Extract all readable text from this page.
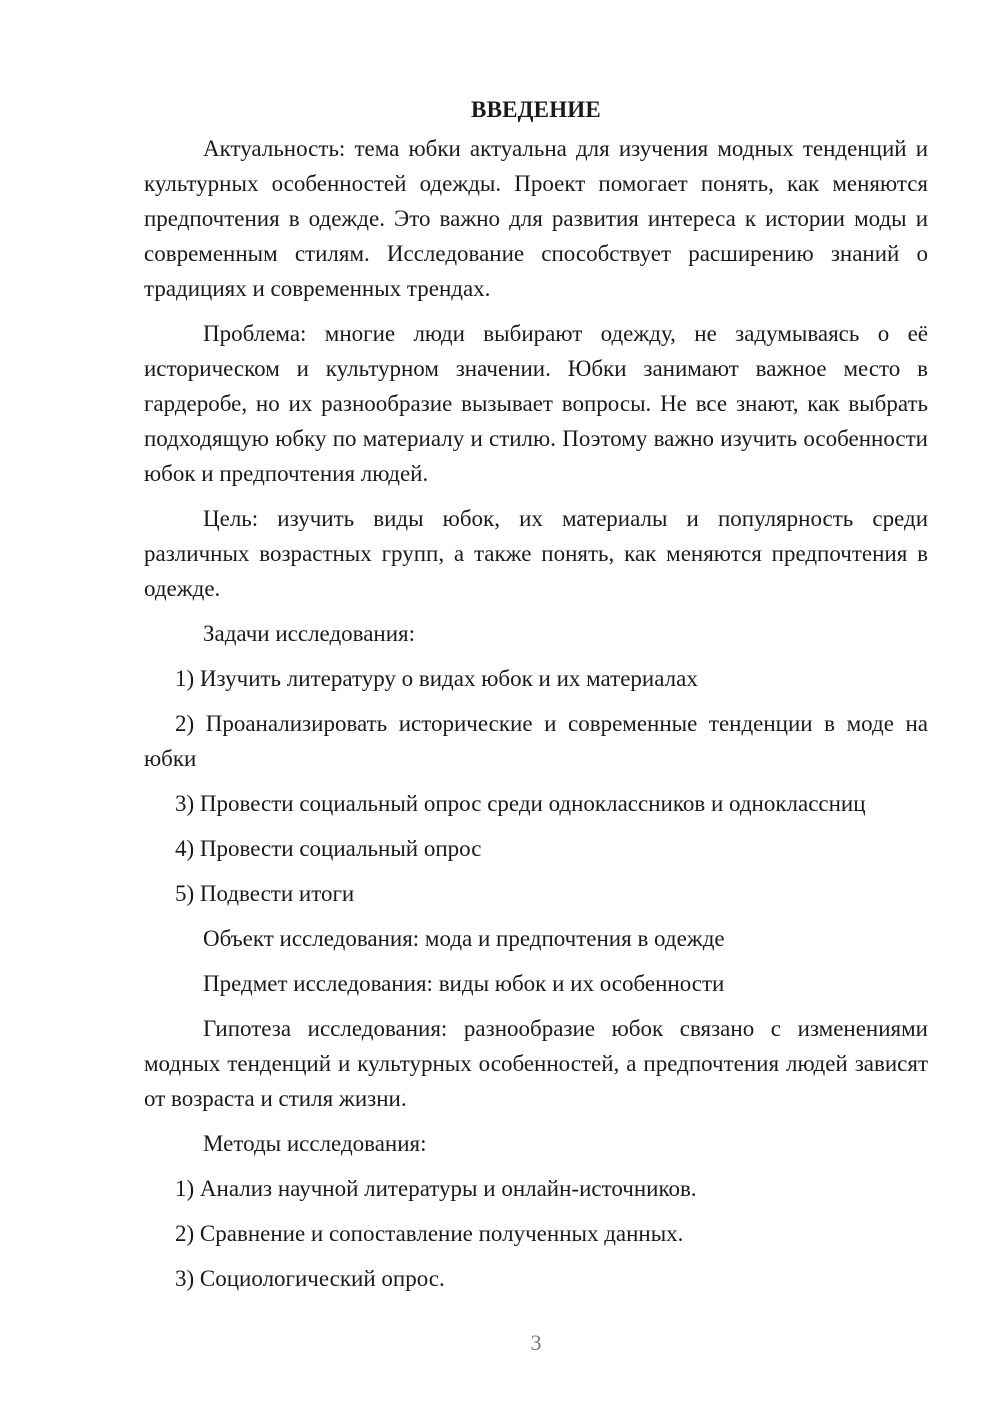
ВВЕДЕНИЕ

Актуальность: тема юбки актуальна для изучения модных тенденций и культурных особенностей одежды. Проект помогает понять, как меняются предпочтения в одежде. Это важно для развития интереса к истории моды и современным стилям. Исследование способствует расширению знаний о традициях и современных трендах.

Проблема: многие люди выбирают одежду, не задумываясь о её историческом и культурном значении. Юбки занимают важное место в гардеробе, но их разнообразие вызывает вопросы. Не все знают, как выбрать подходящую юбку по материалу и стилю. Поэтому важно изучить особенности юбок и предпочтения людей.

Цель: изучить виды юбок, их материалы и популярность среди различных возрастных групп, а также понять, как меняются предпочтения в одежде.

Задачи исследования:

1) Изучить литературу о видах юбок и их материалах

2) Проанализировать исторические и современные тенденции в моде на юбки

3) Провести социальный опрос среди одноклассников и одноклассниц

4) Провести социальный опрос

5) Подвести итоги

Объект исследования: мода и предпочтения в одежде

Предмет исследования: виды юбок и их особенности

Гипотеза исследования: разнообразие юбок связано с изменениями модных тенденций и культурных особенностей, а предпочтения людей зависят от возраста и стиля жизни.

Методы исследования:

1) Анализ научной литературы и онлайн-источников.

2) Сравнение и сопоставление полученных данных.

3) Социологический опрос.

3
